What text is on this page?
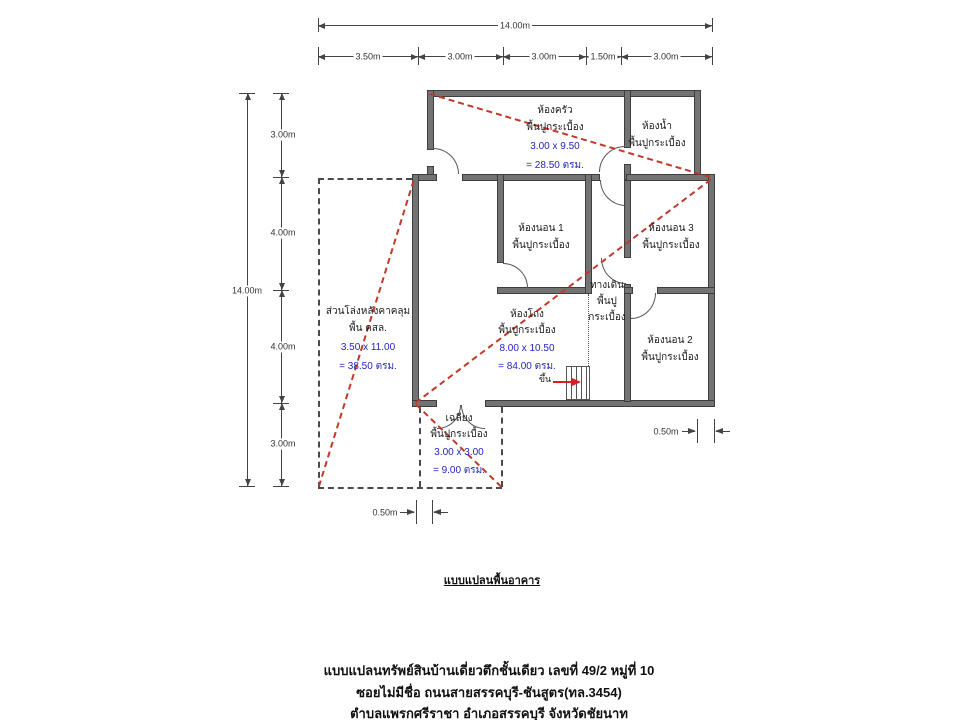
14.00m
3.50m	3.00m	3.00m	1.50m	3.00m
14.00m
3.00m
4.00m
4.00m
3.00m
0.50m
0.50m
ขึ้น
ห้องครัว
พื้นปูกระเบื้อง
3.00 x 9.50
= 28.50 ตรม.
ห้องน้ำ
พื้นปูกระเบื้อง
ห้องนอน 1
พื้นปูกระเบื้อง
ห้องนอน 3
พื้นปูกระเบื้อง
ทางเดิน
พื้นปู
กระเบื้อง
ห้องโถง
พื้นปูกระเบื้อง
8.00 x 10.50
= 84.00 ตรม.
ห้องนอน 2
พื้นปูกระเบื้อง
ส่วนโล่งหลังคาคลุม
พื้น คสล.
3.50 x 11.00
= 38.50 ตรม.
เฉลียง
พื้นปูกระเบื้อง
3.00 x 3.00
= 9.00 ตรม.
แบบแปลนพื้นอาคาร
แบบแปลนทรัพย์สินบ้านเดี่ยวตึกชั้นเดียว เลขที่ 49/2 หมู่ที่ 10
ซอยไม่มีชื่อ ถนนสายสรรคบุรี-ชันสูตร(ทล.3454)
ตำบลแพรกศรีราชา อำเภอสรรคบุรี จังหวัดชัยนาท
